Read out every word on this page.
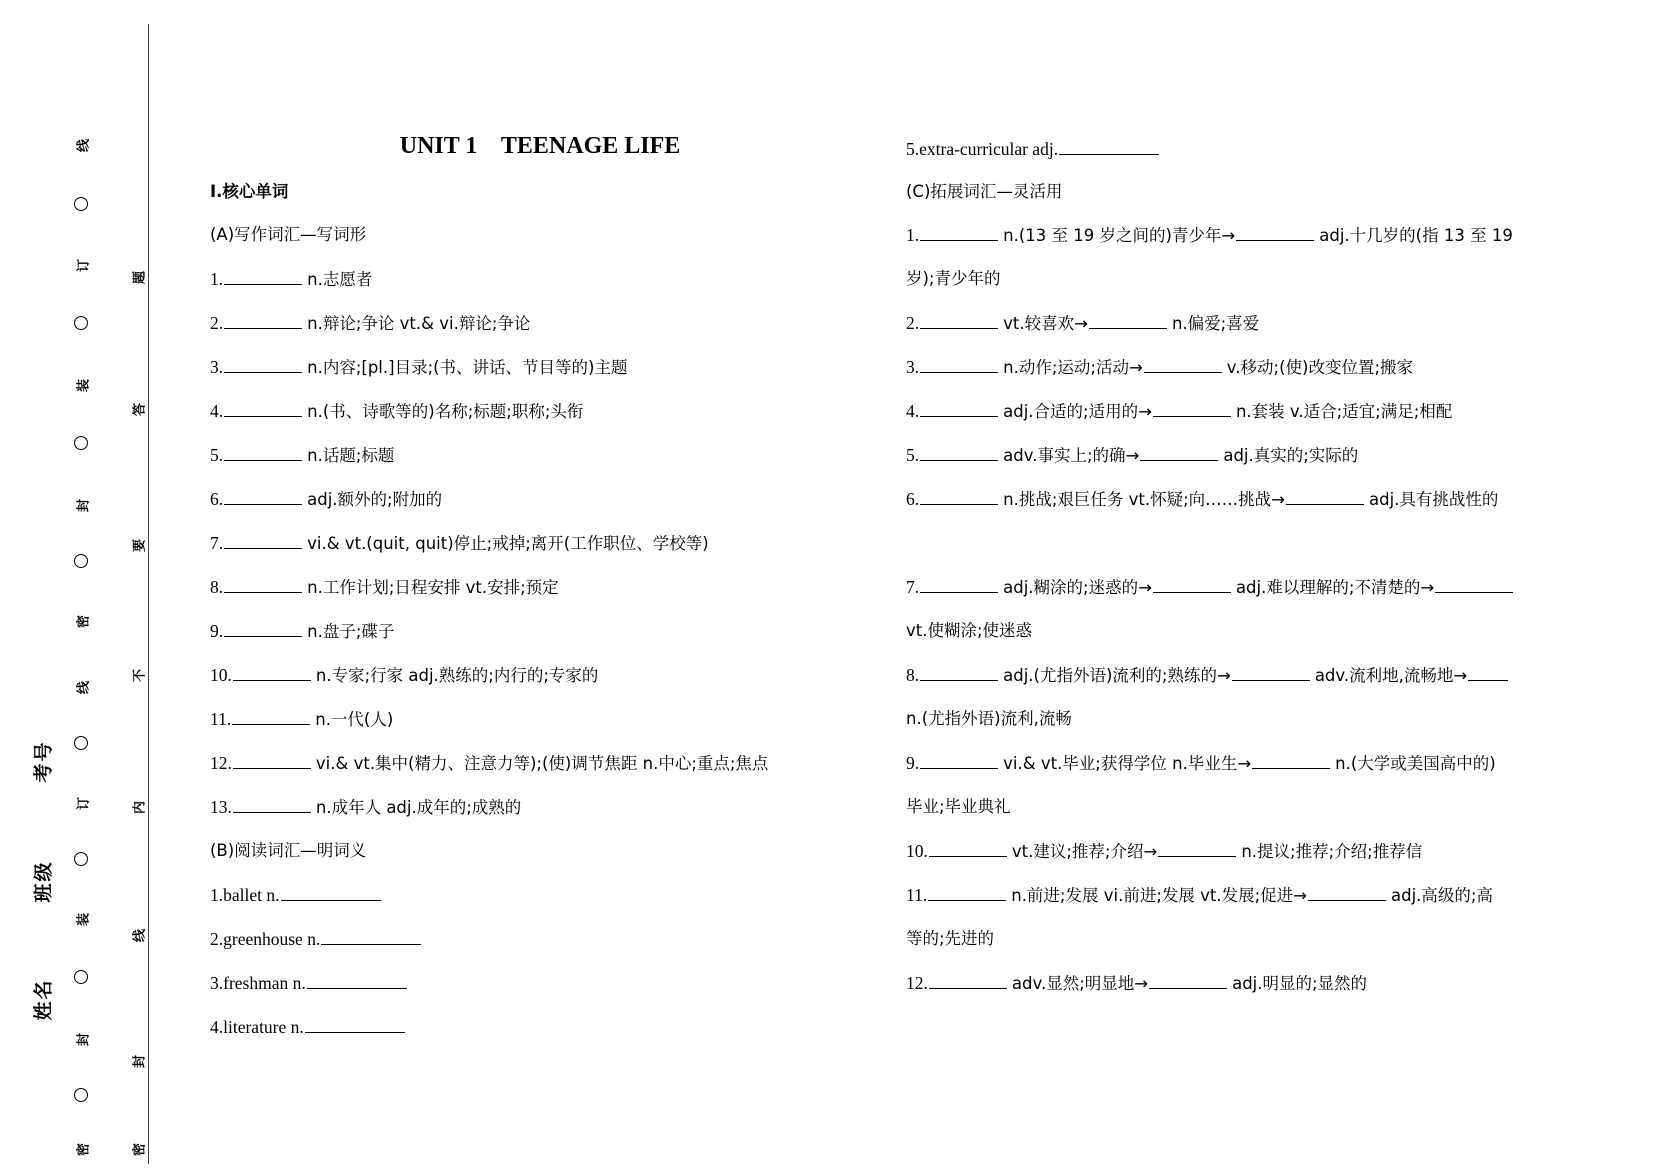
线
订
装
封
密
线
订
装
封
密
题
答
要
不
内
线
封
密
考号
班级
姓名
UNIT 1    TEENAGE LIFE
Ⅰ.核心单词
(A)写作词汇—写词形
1.	n.志愿者
2.	n.辩论;争论 vt.& vi.辩论;争论
3.	n.内容;[pl.]目录;(书、讲话、节目等的)主题
4.	n.(书、诗歌等的)名称;标题;职称;头衔
5.	n.话题;标题
6.	adj.额外的;附加的
7.	vi.& vt.(quit, quit)停止;戒掉;离开(工作职位、学校等)
8.	n.工作计划;日程安排 vt.安排;预定
9.	n.盘子;碟子
10.	n.专家;行家 adj.熟练的;内行的;专家的
11.	n.一代(人)
12.	vi.& vt.集中(精力、注意力等);(使)调节焦距 n.中心;重点;焦点
13.	n.成年人 adj.成年的;成熟的
(B)阅读词汇—明词义
1.ballet n.
2.greenhouse n.
3.freshman n.
4.literature n.
5.extra-curricular adj.
(C)拓展词汇—灵活用
1.	n.(13 至 19 岁之间的)青少年→	adj.十几岁的(指 13 至 19
岁);青少年的
2.	vt.较喜欢→	n.偏爱;喜爱
3.	n.动作;运动;活动→	v.移动;(使)改变位置;搬家
4.	adj.合适的;适用的→	n.套装 v.适合;适宜;满足;相配
5.	adv.事实上;的确→	adj.真实的;实际的
6.	n.挑战;艰巨任务 vt.怀疑;向……挑战→	adj.具有挑战性的
7.	adj.糊涂的;迷惑的→	adj.难以理解的;不清楚的→
vt.使糊涂;使迷惑
8.	adj.(尤指外语)流利的;熟练的→	adv.流利地,流畅地→
n.(尤指外语)流利,流畅
9.	vi.& vt.毕业;获得学位 n.毕业生→	n.(大学或美国高中的)
毕业;毕业典礼
10.	vt.建议;推荐;介绍→	n.提议;推荐;介绍;推荐信
11.	n.前进;发展 vi.前进;发展 vt.发展;促进→	adj.高级的;高
等的;先进的
12.	adv.显然;明显地→	adj.明显的;显然的
